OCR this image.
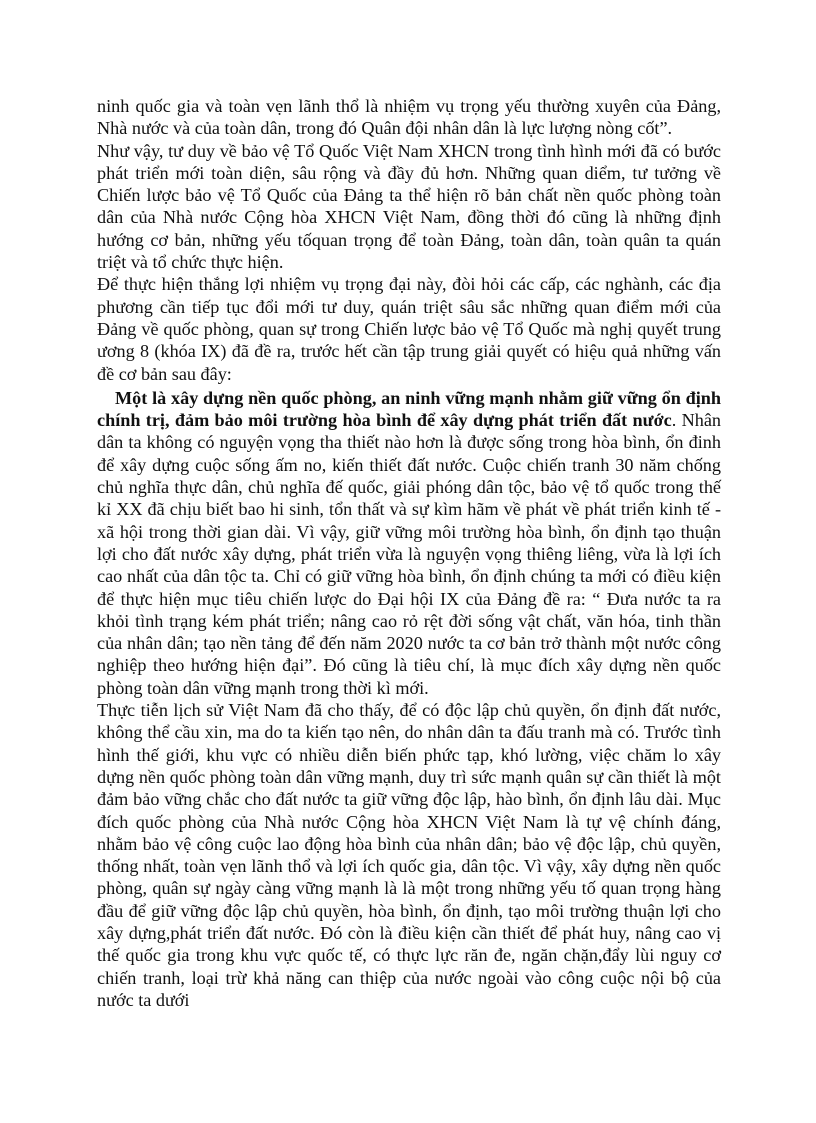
ninh quốc gia và toàn vẹn lãnh thổ là nhiệm vụ trọng yếu thường xuyên của Đảng, Nhà nước và của toàn dân, trong đó Quân đội nhân dân là lực lượng nòng cốt”.

Như vậy, tư duy về bảo vệ Tổ Quốc Việt Nam XHCN trong tình hình mới đã có bước phát triển mới toàn diện, sâu rộng và đầy đủ hơn. Những quan diểm, tư tưởng về Chiến lược bảo vệ Tổ Quốc của Đảng ta thể hiện rõ bản chất nền quốc phòng toàn dân của Nhà nước Cộng hòa XHCN Việt Nam, đồng thời đó cũng là những định hướng cơ bản, những yếu tốquan trọng để toàn Đảng, toàn dân, toàn quân ta quán triệt và tổ chức thực hiện.

Để thực hiện thắng lợi nhiệm vụ trọng đại này, đòi hỏi các cấp, các nghành, các địa phương cần tiếp tục đổi mới tư duy, quán triệt sâu sắc những quan điểm mới của Đảng về quốc phòng, quan sự trong Chiến lược bảo vệ Tổ Quốc mà nghị quyết trung ương 8 (khóa IX) đã đề ra, trước hết cần tập trung giải quyết có hiệu quả những vấn đề cơ bản sau đây:

Một là xây dựng nền quốc phòng, an ninh vững mạnh nhằm giữ vững ổn định chính trị, đảm bảo môi trường hòa bình để xây dựng phát triển đất nước. Nhân dân ta không có nguyện vọng tha thiết nào hơn là được sống trong hòa bình, ổn đinh để xây dựng cuộc sống ấm no, kiến thiết đất nước. Cuộc chiến tranh 30 năm chống chủ nghĩa thực dân, chủ nghĩa đế quốc, giải phóng dân tộc, bảo vệ tổ quốc trong thế kỉ XX đã chịu biết bao hi sinh, tổn thất và sự kìm hãm về phát về phát triển kinh tế - xã hội trong thời gian dài. Vì vậy, giữ vững môi trường hòa bình, ổn định tạo thuận lợi cho đất nước xây dựng, phát triển vừa là nguyện vọng thiêng liêng, vừa là lợi ích cao nhất của dân tộc ta. Chỉ có giữ vững hòa bình, ổn định chúng ta mới có điều kiện để thực hiện mục tiêu chiến lược do Đại hội IX của Đảng đề ra: “ Đưa nước ta ra khỏi tình trạng kém phát triển; nâng cao rỏ rệt đời sống vật chất, văn hóa, tinh thần của nhân dân; tạo nền tảng để đến năm 2020 nước ta cơ bản trở thành một nước công nghiệp theo hướng hiện đại”. Đó cũng là tiêu chí, là mục đích xây dựng nền quốc phòng toàn dân vững mạnh trong thời kì mới.

Thực tiễn lịch sử Việt Nam đã cho thấy, để có độc lập chủ quyền, ổn định đất nước, không thể cầu xin, ma do ta kiến tạo nên, do nhân dân ta đấu tranh mà có. Trước tình hình thế giới, khu vực có nhiều diễn biến phức tạp, khó lường, việc chăm lo xây dựng nền quốc phòng toàn dân vững mạnh, duy trì sức mạnh quân sự cần thiết là một đảm bảo vững chắc cho đất nước ta giữ vững độc lập, hào bình, ổn định lâu dài. Mục đích quốc phòng của Nhà nước Cộng hòa XHCN Việt Nam là tự vệ chính đáng, nhằm bảo vệ công cuộc lao động hòa bình của nhân dân; bảo vệ độc lập, chủ quyền, thống nhất, toàn vẹn lãnh thổ và lợi ích quốc gia, dân tộc. Vì vậy, xây dựng nền quốc phòng, quân sự ngày càng vững mạnh là là một trong những yếu tố quan trọng hàng đầu để giữ vững độc lập chủ quyền, hòa bình, ổn định, tạo môi trường thuận lợi cho xây dựng,phát triển đất nước. Đó còn là điều kiện cần thiết để phát huy, nâng cao vị thế quốc gia trong khu vực quốc tế, có thực lực răn đe, ngăn chặn,đẩy lùi nguy cơ chiến tranh, loại trừ khả năng can thiệp của nước ngoài vào công cuộc nội bộ của nước ta dưới
